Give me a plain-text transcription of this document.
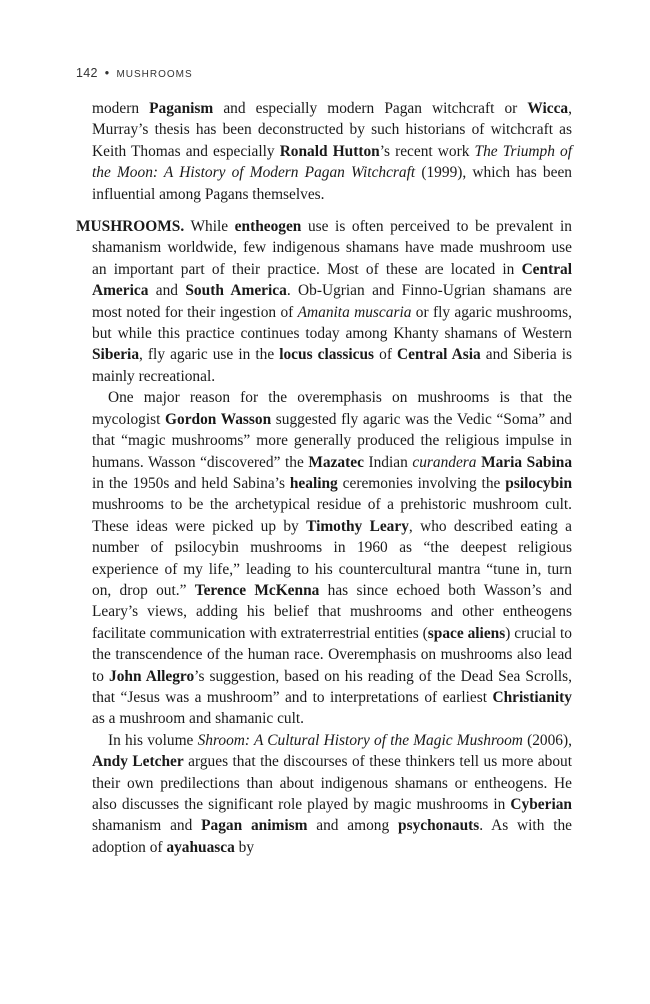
142 • MUSHROOMS

modern Paganism and especially modern Pagan witchcraft or Wicca, Murray’s thesis has been deconstructed by such historians of witchcraft as Keith Thomas and especially Ronald Hutton’s recent work The Triumph of the Moon: A History of Modern Pagan Witchcraft (1999), which has been influential among Pagans themselves.

MUSHROOMS. While entheogen use is often perceived to be prevalent in shamanism worldwide, few indigenous shamans have made mushroom use an important part of their practice. Most of these are located in Central America and South America. Ob-Ugrian and Finno-Ugrian shamans are most noted for their ingestion of Amanita muscaria or fly agaric mushrooms, but while this practice continues today among Khanty shamans of Western Siberia, fly agaric use in the locus classicus of Central Asia and Siberia is mainly recreational.

One major reason for the overemphasis on mushrooms is that the mycologist Gordon Wasson suggested fly agaric was the Vedic “Soma” and that “magic mushrooms” more generally produced the religious impulse in humans. Wasson “discovered” the Mazatec Indian curandera Maria Sabina in the 1950s and held Sabina’s healing ceremonies involving the psilocybin mushrooms to be the archetypical residue of a prehistoric mushroom cult. These ideas were picked up by Timothy Leary, who described eating a number of psilocybin mushrooms in 1960 as “the deepest religious experience of my life,” leading to his countercultural mantra “tune in, turn on, drop out.” Terence McKenna has since echoed both Wasson’s and Leary’s views, adding his belief that mushrooms and other entheogens facilitate communication with extraterrestrial entities (space aliens) crucial to the transcendence of the human race. Overemphasis on mushrooms also lead to John Allegro’s suggestion, based on his reading of the Dead Sea Scrolls, that “Jesus was a mushroom” and to interpretations of earliest Christianity as a mushroom and shamanic cult.

In his volume Shroom: A Cultural History of the Magic Mushroom (2006), Andy Letcher argues that the discourses of these thinkers tell us more about their own predilections than about indigenous shamans or entheogens. He also discusses the significant role played by magic mushrooms in Cyberian shamanism and Pagan animism and among psychonauts. As with the adoption of ayahuasca by
